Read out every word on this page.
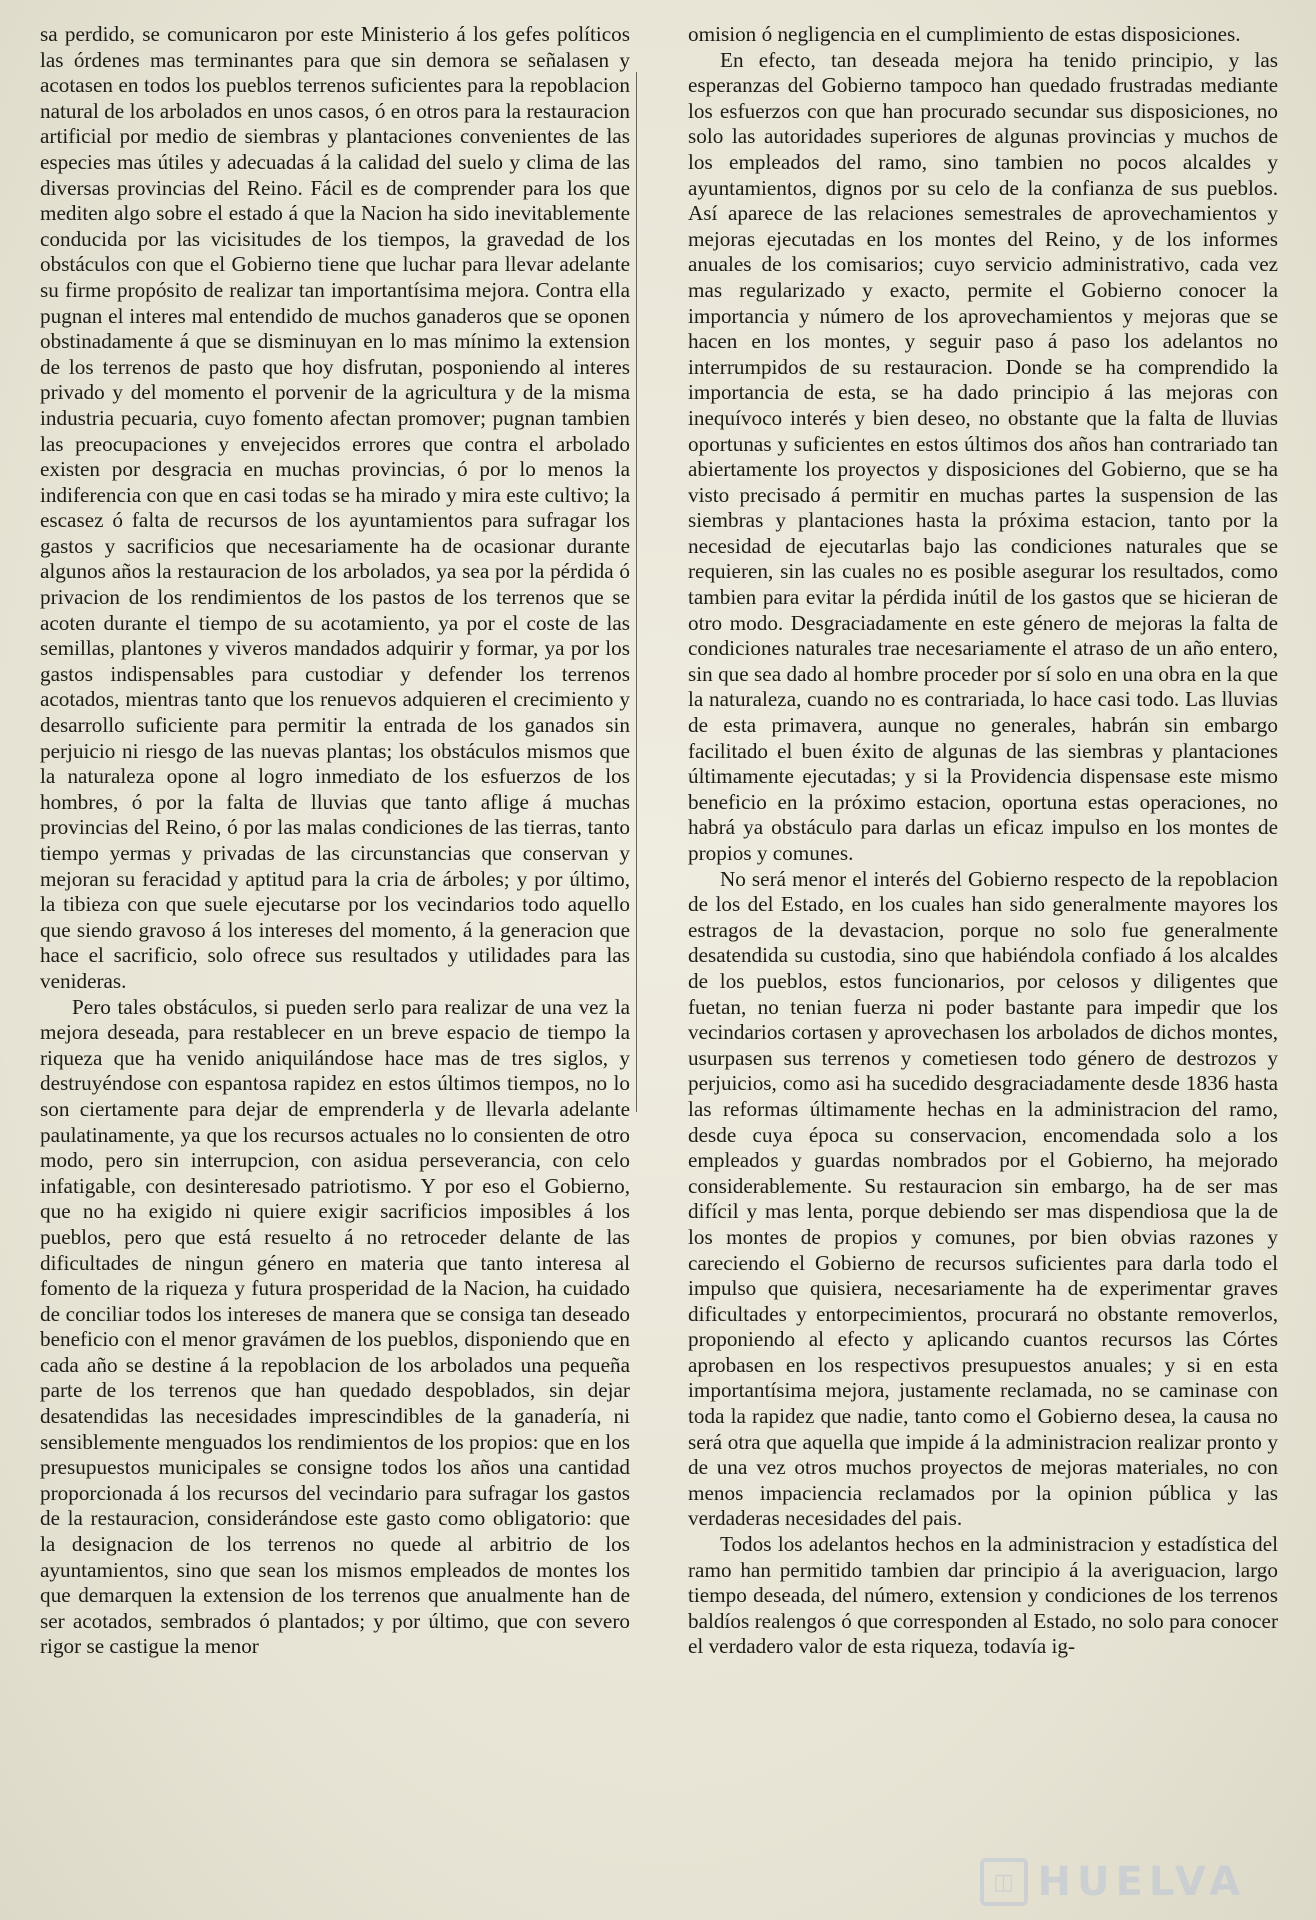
sa perdido, se comunicaron por este Ministerio á los gefes políticos las órdenes mas terminantes para que sin demora se señalasen y acotasen en todos los pueblos terrenos suficientes para la repoblacion natural de los arbolados en unos casos, ó en otros para la restauracion artificial por medio de siembras y plantaciones convenientes de las especies mas útiles y adecuadas á la calidad del suelo y clima de las diversas provincias del Reino. Fácil es de comprender para los que mediten algo sobre el estado á que la Nacion ha sido inevitablemente conducida por las vicisitudes de los tiempos, la gravedad de los obstáculos con que el Gobierno tiene que luchar para llevar adelante su firme propósito de realizar tan importantísima mejora. Contra ella pugnan el interes mal entendido de muchos ganaderos que se oponen obstinadamente á que se disminuyan en lo mas mínimo la extension de los terrenos de pasto que hoy disfrutan, posponiendo al interes privado y del momento el porvenir de la agricultura y de la misma industria pecuaria, cuyo fomento afectan promover; pugnan tambien las preocupaciones y envejecidos errores que contra el arbolado existen por desgracia en muchas provincias, ó por lo menos la indiferencia con que en casi todas se ha mirado y mira este cultivo; la escasez ó falta de recursos de los ayuntamientos para sufragar los gastos y sacrificios que necesariamente ha de ocasionar durante algunos años la restauracion de los arbolados, ya sea por la pérdida ó privacion de los rendimientos de los pastos de los terrenos que se acoten durante el tiempo de su acotamiento, ya por el coste de las semillas, plantones y viveros mandados adquirir y formar, ya por los gastos indispensables para custodiar y defender los terrenos acotados, mientras tanto que los renuevos adquieren el crecimiento y desarrollo suficiente para permitir la entrada de los ganados sin perjuicio ni riesgo de las nuevas plantas; los obstáculos mismos que la naturaleza opone al logro inmediato de los esfuerzos de los hombres, ó por la falta de lluvias que tanto aflige á muchas provincias del Reino, ó por las malas condiciones de las tierras, tanto tiempo yermas y privadas de las circunstancias que conservan y mejoran su feracidad y aptitud para la cria de árboles; y por último, la tibieza con que suele ejecutarse por los vecindarios todo aquello que siendo gravoso á los intereses del momento, á la generacion que hace el sacrificio, solo ofrece sus resultados y utilidades para las venideras.

Pero tales obstáculos, si pueden serlo para realizar de una vez la mejora deseada, para restablecer en un breve espacio de tiempo la riqueza que ha venido aniquilándose hace mas de tres siglos, y destruyéndose con espantosa rapidez en estos últimos tiempos, no lo son ciertamente para dejar de emprenderla y de llevarla adelante paulatinamente, ya que los recursos actuales no lo consienten de otro modo, pero sin interrupcion, con asidua perseverancia, con celo infatigable, con desinteresado patriotismo. Y por eso el Gobierno, que no ha exigido ni quiere exigir sacrificios imposibles á los pueblos, pero que está resuelto á no retroceder delante de las dificultades de ningun género en materia que tanto interesa al fomento de la riqueza y futura prosperidad de la Nacion, ha cuidado de conciliar todos los intereses de manera que se consiga tan deseado beneficio con el menor gravámen de los pueblos, disponiendo que en cada año se destine á la repoblacion de los arbolados una pequeña parte de los terrenos que han quedado despoblados, sin dejar desatendidas las necesidades imprescindibles de la ganadería, ni sensiblemente menguados los rendimientos de los propios: que en los presupuestos municipales se consigne todos los años una cantidad proporcionada á los recursos del vecindario para sufragar los gastos de la restauracion, considerándose este gasto como obligatorio: que la designacion de los terrenos no quede al arbitrio de los ayuntamientos, sino que sean los mismos empleados de montes los que demarquen la extension de los terrenos que anualmente han de ser acotados, sembrados ó plantados; y por último, que con severo rigor se castigue la menor

omision ó negligencia en el cumplimiento de estas disposiciones.

En efecto, tan deseada mejora ha tenido principio, y las esperanzas del Gobierno tampoco han quedado frustradas mediante los esfuerzos con que han procurado secundar sus disposiciones, no solo las autoridades superiores de algunas provincias y muchos de los empleados del ramo, sino tambien no pocos alcaldes y ayuntamientos, dignos por su celo de la confianza de sus pueblos. Así aparece de las relaciones semestrales de aprovechamientos y mejoras ejecutadas en los montes del Reino, y de los informes anuales de los comisarios; cuyo servicio administrativo, cada vez mas regularizado y exacto, permite el Gobierno conocer la importancia y número de los aprovechamientos y mejoras que se hacen en los montes, y seguir paso á paso los adelantos no interrumpidos de su restauracion. Donde se ha comprendido la importancia de esta, se ha dado principio á las mejoras con inequívoco interés y bien deseo, no obstante que la falta de lluvias oportunas y suficientes en estos últimos dos años han contrariado tan abiertamente los proyectos y disposiciones del Gobierno, que se ha visto precisado á permitir en muchas partes la suspension de las siembras y plantaciones hasta la próxima estacion, tanto por la necesidad de ejecutarlas bajo las condiciones naturales que se requieren, sin las cuales no es posible asegurar los resultados, como tambien para evitar la pérdida inútil de los gastos que se hicieran de otro modo. Desgraciadamente en este género de mejoras la falta de condiciones naturales trae necesariamente el atraso de un año entero, sin que sea dado al hombre proceder por sí solo en una obra en la que la naturaleza, cuando no es contrariada, lo hace casi todo. Las lluvias de esta primavera, aunque no generales, habrán sin embargo facilitado el buen éxito de algunas de las siembras y plantaciones últimamente ejecutadas; y si la Providencia dispensase este mismo beneficio en la próximo estacion, oportuna estas operaciones, no habrá ya obstáculo para darlas un eficaz impulso en los montes de propios y comunes.

No será menor el interés del Gobierno respecto de la repoblacion de los del Estado, en los cuales han sido generalmente mayores los estragos de la devastacion, porque no solo fue generalmente desatendida su custodia, sino que habiéndola confiado á los alcaldes de los pueblos, estos funcionarios, por celosos y diligentes que fuetan, no tenian fuerza ni poder bastante para impedir que los vecindarios cortasen y aprovechasen los arbolados de dichos montes, usurpasen sus terrenos y cometiesen todo género de destrozos y perjuicios, como asi ha sucedido desgraciadamente desde 1836 hasta las reformas últimamente hechas en la administracion del ramo, desde cuya época su conservacion, encomendada solo a los empleados y guardas nombrados por el Gobierno, ha mejorado considerablemente. Su restauracion sin embargo, ha de ser mas difícil y mas lenta, porque debiendo ser mas dispendiosa que la de los montes de propios y comunes, por bien obvias razones y careciendo el Gobierno de recursos suficientes para darla todo el impulso que quisiera, necesariamente ha de experimentar graves dificultades y entorpecimientos, procurará no obstante removerlos, proponiendo al efecto y aplicando cuantos recursos las Córtes aprobasen en los respectivos presupuestos anuales; y si en esta importantísima mejora, justamente reclamada, no se caminase con toda la rapidez que nadie, tanto como el Gobierno desea, la causa no será otra que aquella que impide á la administracion realizar pronto y de una vez otros muchos proyectos de mejoras materiales, no con menos impaciencia reclamados por la opinion pública y las verdaderas necesidades del pais.

Todos los adelantos hechos en la administracion y estadística del ramo han permitido tambien dar principio á la averiguacion, largo tiempo deseada, del número, extension y condiciones de los terrenos baldíos realengos ó que corresponden al Estado, no solo para conocer el verdadero valor de esta riqueza, todavía ig-

◫ HUELVA
